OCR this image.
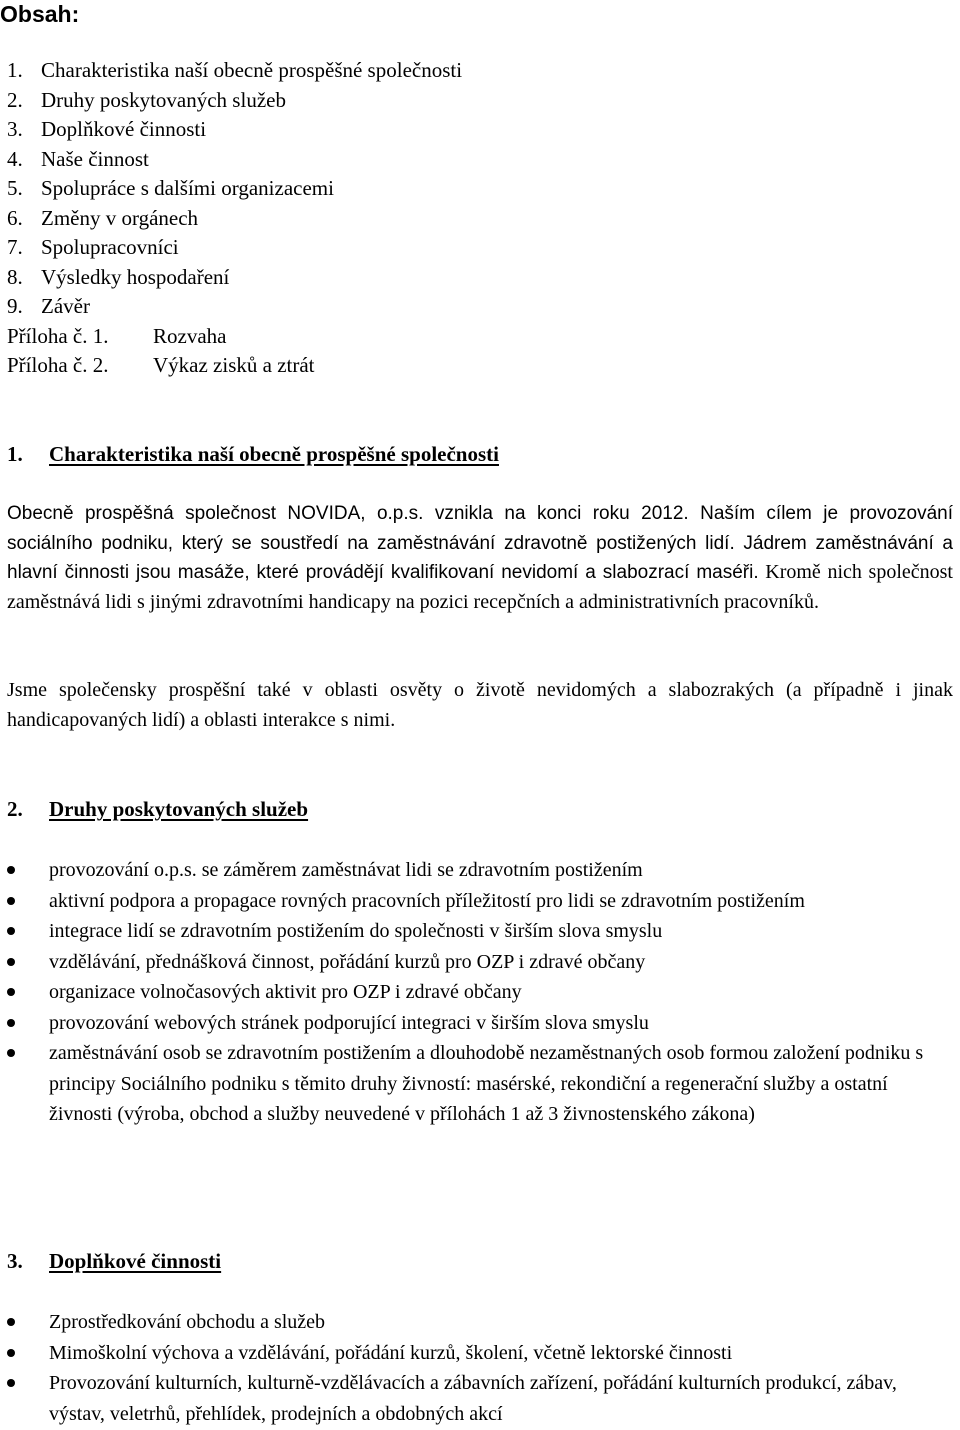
Obsah:
1. Charakteristika naší obecně prospěšné společnosti
2. Druhy poskytovaných služeb
3. Doplňkové činnosti
4. Naše činnost
5. Spolupráce s dalšími organizacemi
6. Změny v orgánech
7. Spolupracovníci
8. Výsledky hospodaření
9. Závěr
Příloha č. 1. Rozvaha
Příloha č. 2. Výkaz zisků a ztrát
1. Charakteristika naší obecně prospěšné společnosti

Obecně prospěšná společnost NOVIDA, o.p.s. vznikla na konci roku 2012. Naším cílem je provozování sociálního podniku, který se soustředí na zaměstnávání zdravotně postižených lidí. Jádrem zaměstnávání a hlavní činnosti jsou masáže, které provádějí kvalifikovaní nevidomí a slabozrací maséři. Kromě nich společnost zaměstnává lidi s jinými zdravotními handicapy na pozici recepčních a administrativních pracovníků.

Jsme společensky prospěšní také v oblasti osvěty o životě nevidomých a slabozrakých (a případně i jinak handicapovaných lidí) a oblasti interakce s nimi.

2. Druhy poskytovaných služeb
provozování o.p.s. se záměrem zaměstnávat lidi se zdravotním postižením
aktivní podpora a propagace rovných pracovních příležitostí pro lidi se zdravotním postižením
integrace lidí se zdravotním postižením do společnosti v širším slova smyslu
vzdělávání, přednášková činnost, pořádání kurzů pro OZP i zdravé občany
organizace volnočasových aktivit pro OZP i zdravé občany
provozování webových stránek podporující integraci v širším slova smyslu
zaměstnávání osob se zdravotním postižením a dlouhodobě nezaměstnaných osob formou založení podniku s principy Sociálního podniku s těmito druhy živností: masérské, rekondiční a regenerační služby a ostatní živnosti (výroba, obchod a služby neuvedené v přílohách 1 až 3 živnostenského zákona)
3. Doplňkové činnosti
Zprostředkování obchodu a služeb
Mimoškolní výchova a vzdělávání, pořádání kurzů, školení, včetně lektorské činnosti
Provozování kulturních, kulturně-vzdělávacích a zábavních zařízení, pořádání kulturních produkcí, zábav, výstav, veletrhů, přehlídek, prodejních a obdobných akcí
